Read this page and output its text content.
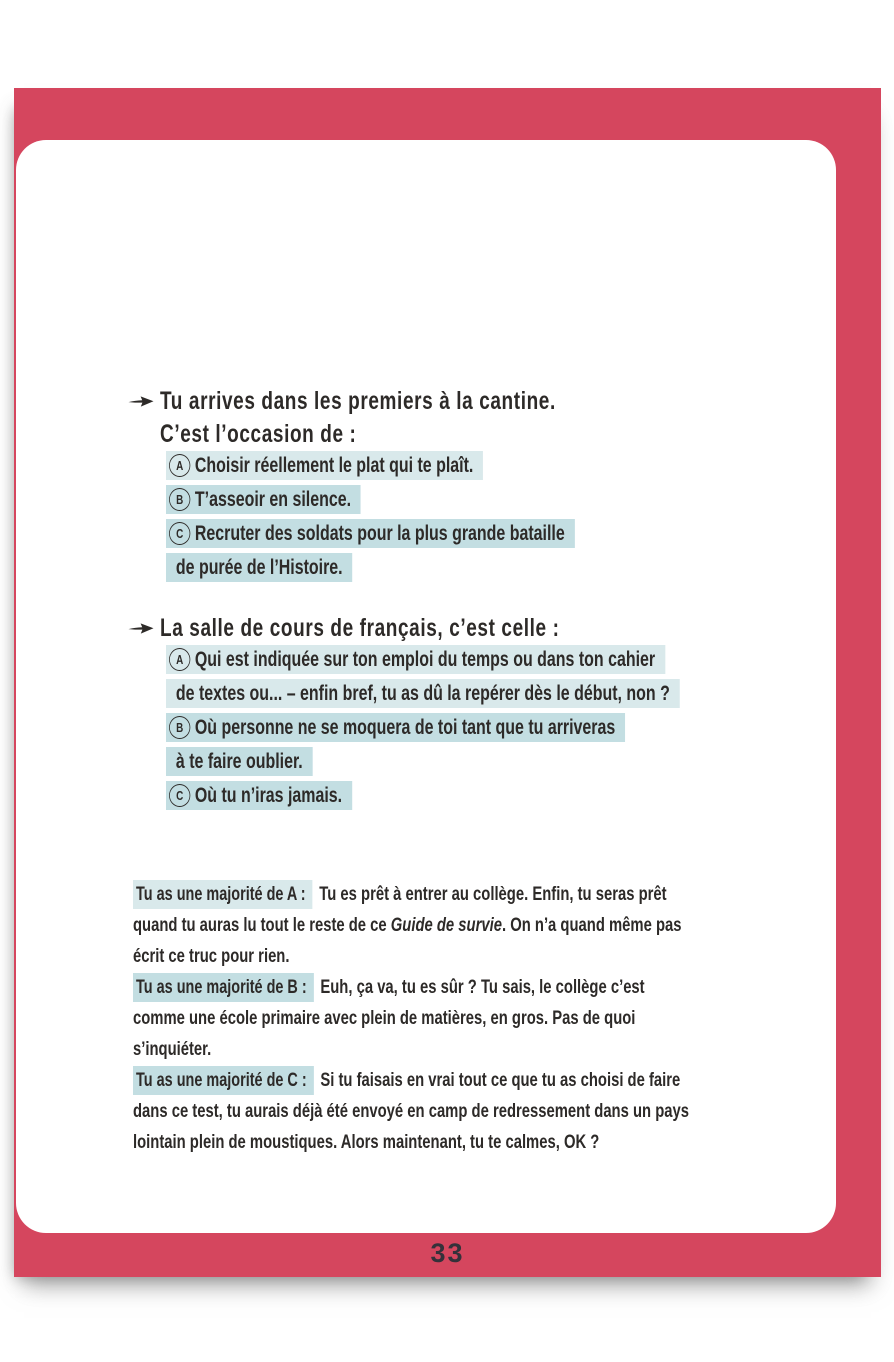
Tu arrives dans les premiers à la cantine.
C’est l’occasion de :
A Choisir réellement le plat qui te plaît.
B T’asseoir en silence.
C Recruter des soldats pour la plus grande bataille
de purée de l’Histoire.
La salle de cours de français, c’est celle :
A Qui est indiquée sur ton emploi du temps ou dans ton cahier
de textes ou... – enfin bref, tu as dû la repérer dès le début, non ?
B Où personne ne se moquera de toi tant que tu arriveras
à te faire oublier.
C Où tu n’iras jamais.
Tu as une majorité de A : Tu es prêt à entrer au collège. Enfin, tu seras prêt
quand tu auras lu tout le reste de ce Guide de survie. On n’a quand même pas
écrit ce truc pour rien.
Tu as une majorité de B : Euh, ça va, tu es sûr ? Tu sais, le collège c’est
comme une école primaire avec plein de matières, en gros. Pas de quoi
s’inquiéter.
Tu as une majorité de C : Si tu faisais en vrai tout ce que tu as choisi de faire
dans ce test, tu aurais déjà été envoyé en camp de redressement dans un pays
lointain plein de moustiques. Alors maintenant, tu te calmes, OK ?
33
